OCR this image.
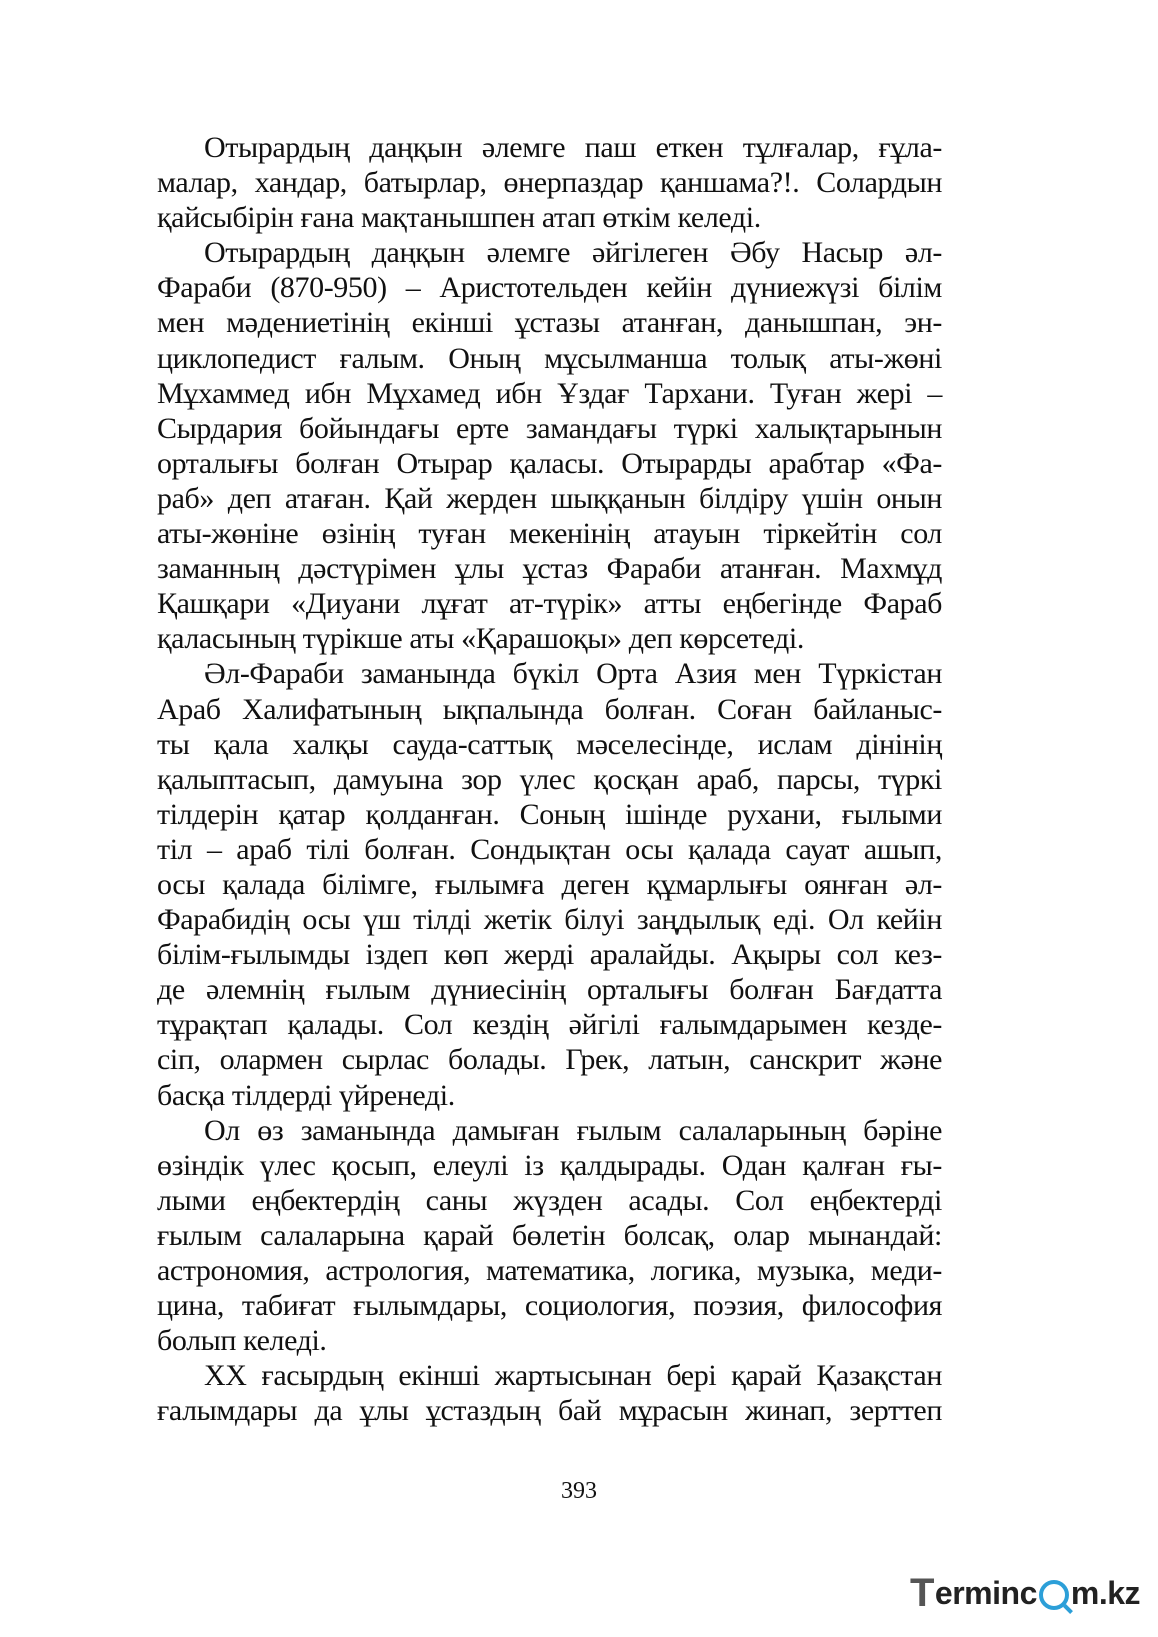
Отырардың даңқын әлемге паш еткен тұлғалар, ғұла-
малар, хандар, батырлар, өнерпаздар қаншама?!. Солардын
қайсыбірін ғана мақтанышпен атап өткім келеді.
Отырардың даңқын әлемге әйгілеген Әбу Насыр әл-
Фараби (870-950) – Аристотельден кейін дүниежүзі білім
мен мәдениетінің екінші ұстазы атанған, данышпан, эн-
циклопедист ғалым. Оның мұсылманша толық аты-жөні
Мұхаммед ибн Мұхамед ибн Ұздағ Тархани. Туған жері –
Сырдария бойындағы ерте замандағы түркі халықтарынын
орталығы болған Отырар қаласы. Отырарды арабтар «Фа-
раб» деп атаған. Қай жерден шыққанын білдіру үшін онын
аты-жөніне өзінің туған мекенінің атауын тіркейтін сол
заманның дәстүрімен ұлы ұстаз Фараби атанған. Махмұд
Қашқари «Диуани лұғат ат-түрік» атты еңбегінде Фараб
қаласының түрікше аты «Қарашоқы» деп көрсетеді.
Әл-Фараби заманында бүкіл Орта Азия мен Түркістан
Араб Халифатының ықпалында болған. Соған байланыс-
ты қала халқы сауда-саттық мәселесінде, ислам дінінің
қалыптасып, дамуына зор үлес қосқан араб, парсы, түркі
тілдерін қатар қолданған. Соның ішінде рухани, ғылыми
тіл – араб тілі болған. Сондықтан осы қалада сауат ашып,
осы қалада білімге, ғылымға деген құмарлығы оянған әл-
Фарабидің осы үш тілді жетік білуі заңдылық еді. Ол кейін
білім-ғылымды іздеп көп жерді аралайды. Ақыры сол кез-
де әлемнің ғылым дүниесінің орталығы болған Бағдатта
тұрақтап қалады. Сол кездің әйгілі ғалымдарымен кезде-
сіп, олармен сырлас болады. Грек, латын, санскрит және
басқа тілдерді үйренеді.
Ол өз заманында дамыған ғылым салаларының бәріне
өзіндік үлес қосып, елеулі із қалдырады. Одан қалған ғы-
лыми еңбектердің саны жүзден асады. Сол еңбектерді
ғылым салаларына қарай бөлетін болсақ, олар мынандай:
астрономия, астрология, математика, логика, музыка, меди-
цина, табиғат ғылымдары, социология, поэзия, философия
болып келеді.
XX ғасырдың екінші жартысынан бері қарай Қазақстан
ғалымдары да ұлы ұстаздың бай мұрасын жинап, зерттеп
393
T erminc m.kz
